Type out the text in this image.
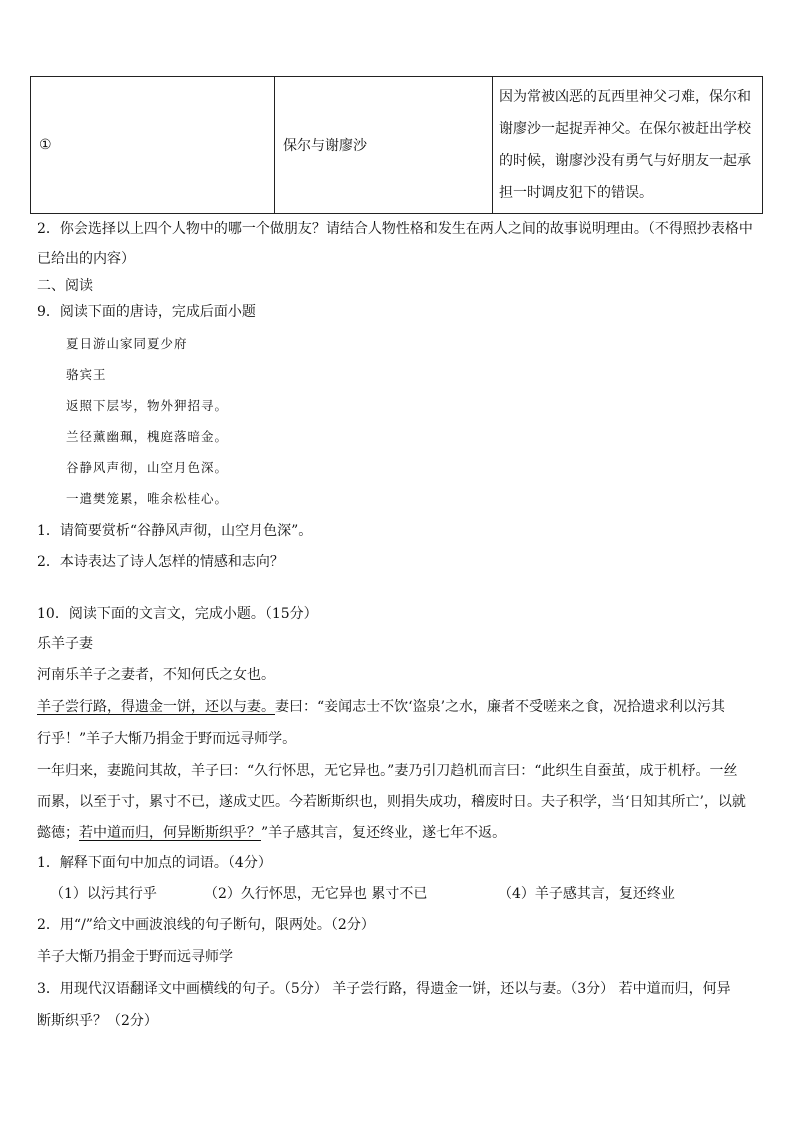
①	保尔与谢廖沙	因为常被凶恶的瓦西里神父刁难，保尔和谢廖沙一起捉弄神父。在保尔被赶出学校的时候，谢廖沙没有勇气与好朋友一起承担一时调皮犯下的错误。
2．你会选择以上四个人物中的哪一个做朋友？请结合人物性格和发生在两人之间的故事说明理由。（不得照抄表格中
已给出的内容）
二、阅读
9．阅读下面的唐诗，完成后面小题
夏日游山家同夏少府
骆宾王
返照下层岑，物外狎招寻。
兰径薰幽珮，槐庭落暗金。
谷静风声彻，山空月色深。
一遣樊笼累，唯余松桂心。
1．请简要赏析“谷静风声彻，山空月色深”。
2．本诗表达了诗人怎样的情感和志向？
10．阅读下面的文言文，完成小题。（15分）
乐羊子妻
河南乐羊子之妻者，不知何氏之女也。
羊子尝行路，得遗金一饼，还以与妻。妻曰：“妾闻志士不饮‘盗泉’之水，廉者不受嗟来之食，况拾遗求利以污其
行乎！”羊子大惭乃捐金于野而远寻师学。
一年归来，妻跪问其故，羊子曰：“久行怀思，无它异也。”妻乃引刀趋机而言曰：“此织生自蚕茧，成于机杼。一丝
而累，以至于寸，累寸不已，遂成丈匹。今若断斯织也，则捐失成功，稽废时日。夫子积学，当‘日知其所亡’，以就
懿德；若中道而归，何异断斯织乎？”羊子感其言，复还终业，遂七年不返。
1．解释下面句中加点的词语。（4分）
（1）以污其行乎	（2）久行怀思，无它异也 累寸不已	（4）羊子感其言，复还终业
2．用“/”给文中画波浪线的句子断句，限两处。（2分）
羊子大惭乃捐金于野而远寻师学
3．用现代汉语翻译文中画横线的句子。（5分） 羊子尝行路，得遗金一饼，还以与妻。（3分） 若中道而归，何异
断斯织乎？（2分）
